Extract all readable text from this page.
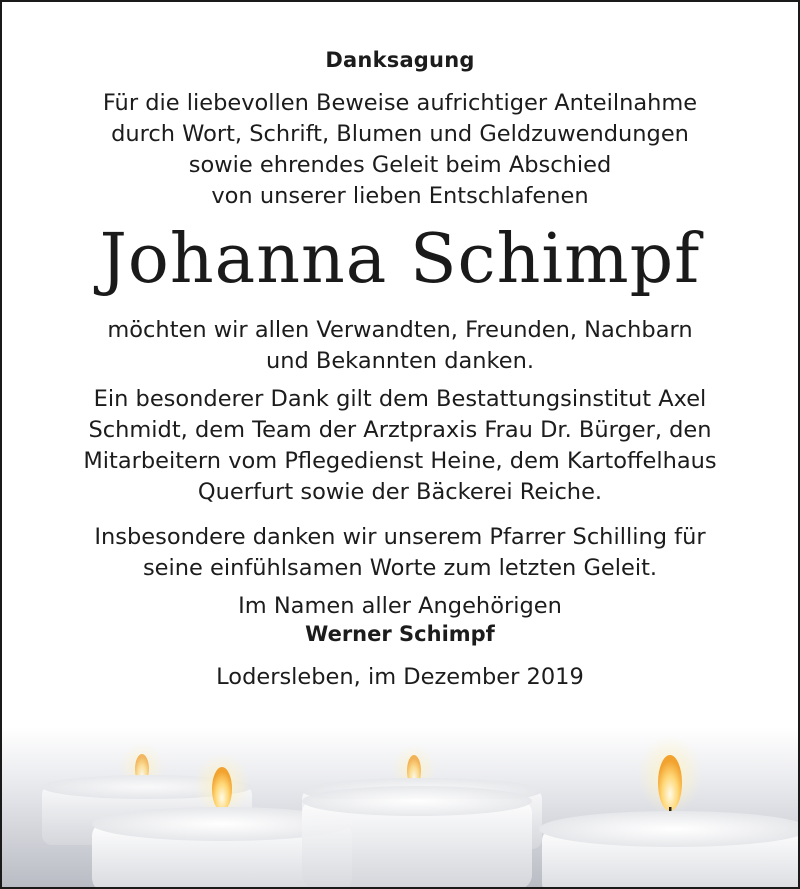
Danksagung
Für die liebevollen Beweise aufrichtiger Anteilnahme
durch Wort, Schrift, Blumen und Geldzuwendungen
sowie ehrendes Geleit beim Abschied
von unserer lieben Entschlafenen
Johanna Schimpf
möchten wir allen Verwandten, Freunden, Nachbarn
und Bekannten danken.
Ein besonderer Dank gilt dem Bestattungsinstitut Axel
Schmidt, dem Team der Arztpraxis Frau Dr. Bürger, den
Mitarbeitern vom Pflegedienst Heine, dem Kartoffelhaus
Querfurt sowie der Bäckerei Reiche.
Insbesondere danken wir unserem Pfarrer Schilling für
seine einfühlsamen Worte zum letzten Geleit.
Im Namen aller Angehörigen
Werner Schimpf
Lodersleben, im Dezember 2019
